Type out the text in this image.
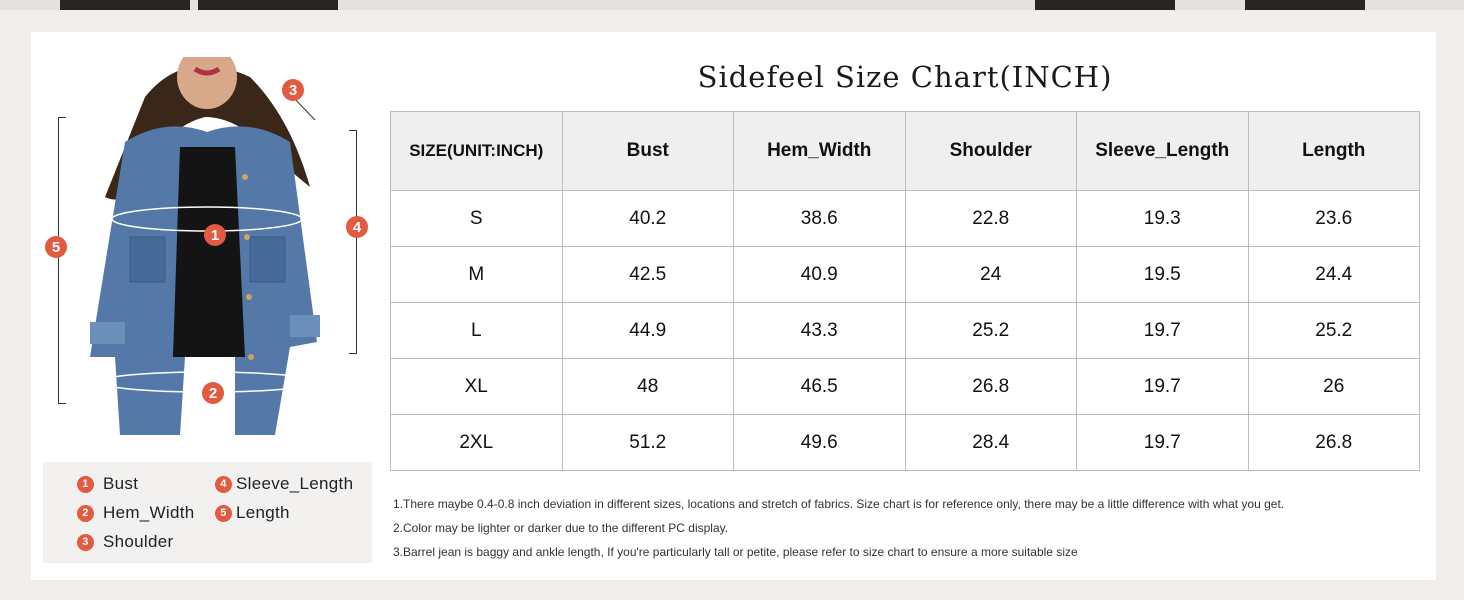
1
2
3
4
5
1 Bust	4 Sleeve_Length
2 Hem_Width	5 Length
3 Shoulder
Sidefeel Size Chart(INCH)
SIZE(UNIT:INCH)	Bust	Hem_Width	Shoulder	Sleeve_Length	Length
S	40.2	38.6	22.8	19.3	23.6
M	42.5	40.9	24	19.5	24.4
L	44.9	43.3	25.2	19.7	25.2
XL	48	46.5	26.8	19.7	26
2XL	51.2	49.6	28.4	19.7	26.8
1.There maybe 0.4-0.8 inch deviation in different sizes, locations and stretch of fabrics. Size chart is for reference only, there may be a little difference with what you get.
2.Color may be lighter or darker due to the different PC display.
3.Barrel jean is baggy and ankle length, If you're particularly tall or petite, please refer to size chart to ensure a more suitable size
